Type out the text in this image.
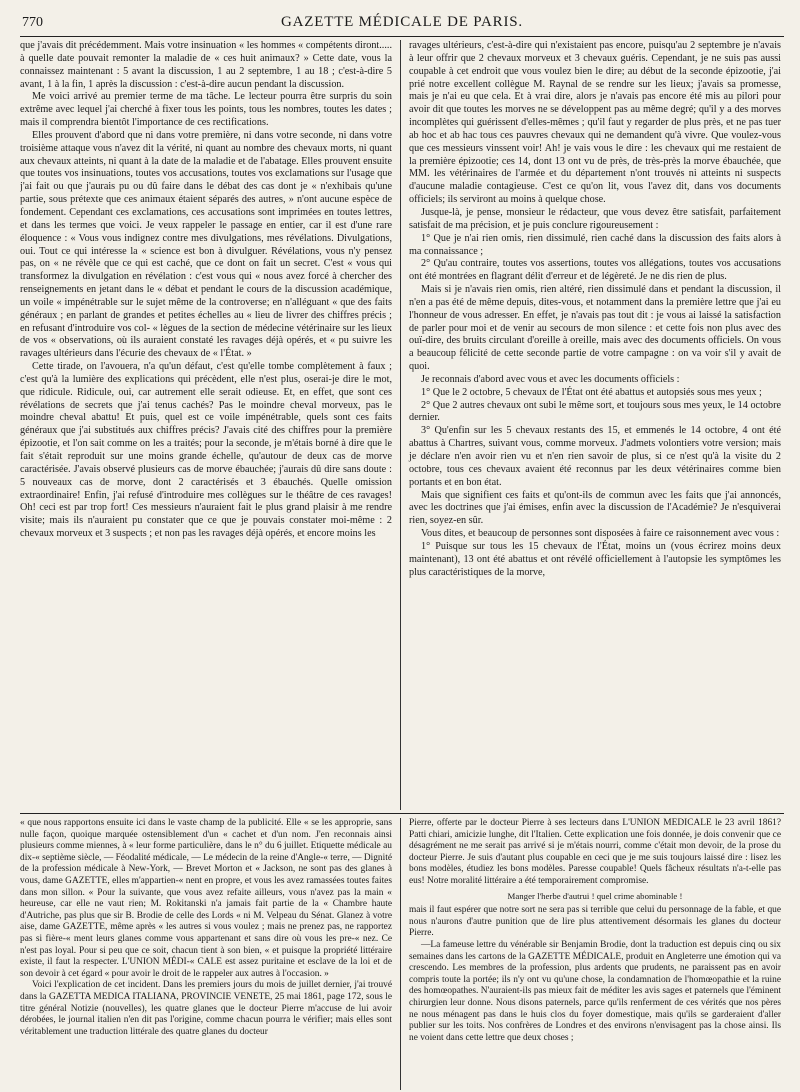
770	GAZETTE MÉDICALE DE PARIS.

que j'avais dit précédemment. Mais votre insinuation « les hommes « compétents diront..... à quelle date pouvait remonter la maladie de « ces huit animaux? » Cette date, vous la connaissez maintenant : 5 avant la discussion, 1 au 2 septembre, 1 au 18 ; c'est-à-dire 5 avant, 1 à la fin, 1 après la discussion : c'est-à-dire aucun pendant la discussion.

Me voici arrivé au premier terme de ma tâche. Le lecteur pourra être surpris du soin extrême avec lequel j'ai cherché à fixer tous les points, tous les nombres, toutes les dates ; mais il comprendra bientôt l'importance de ces rectifications.

Elles prouvent d'abord que ni dans votre première, ni dans votre seconde, ni dans votre troisième attaque vous n'avez dit la vérité, ni quant au nombre des chevaux morts, ni quant aux chevaux atteints, ni quant à la date de la maladie et de l'abatage. Elles prouvent ensuite que toutes vos insinuations, toutes vos accusations, toutes vos exclamations sur l'usage que j'ai fait ou que j'aurais pu ou dû faire dans le débat des cas dont je « n'exhibais qu'une partie, sous prétexte que ces animaux étaient séparés des autres, » n'ont aucune espèce de fondement. Cependant ces exclamations, ces accusations sont imprimées en toutes lettres, et dans les termes que voici. Je veux rappeler le passage en entier, car il est d'une rare éloquence : « Vous vous indignez contre mes divulgations, mes révélations. Divulgations, oui. Tout ce qui intéresse la « science est bon à divulguer. Révélations, vous n'y pensez pas, on « ne révèle que ce qui est caché, que ce dont on fait un secret. C'est « vous qui transformez la divulgation en révélation : c'est vous qui « nous avez forcé à chercher des renseignements en jetant dans le « débat et pendant le cours de la discussion académique, un voile « impénétrable sur le sujet même de la controverse; en n'alléguant « que des faits généraux ; en parlant de grandes et petites échelles au « lieu de livrer des chiffres précis ; en refusant d'introduire vos col- « lègues de la section de médecine vétérinaire sur les lieux de vos « observations, où ils auraient constaté les ravages déjà opérés, et « pu suivre les ravages ultérieurs dans l'écurie des chevaux de « l'État. »

Cette tirade, on l'avouera, n'a qu'un défaut, c'est qu'elle tombe complètement à faux ; c'est qu'à la lumière des explications qui précèdent, elle n'est plus, oserai-je dire le mot, que ridicule. Ridicule, oui, car autrement elle serait odieuse. Et, en effet, que sont ces révélations de secrets que j'ai tenus cachés? Pas le moindre cheval morveux, pas le moindre cheval abattu! Et puis, quel est ce voile impénétrable, quels sont ces faits généraux que j'ai substitués aux chiffres précis? J'avais cité des chiffres pour la première épizootie, et l'on sait comme on les a traités; pour la seconde, je m'étais borné à dire que le fait s'était reproduit sur une moins grande échelle, qu'autour de deux cas de morve caractérisée. J'avais observé plusieurs cas de morve ébauchée; j'aurais dû dire sans doute : 5 nouveaux cas de morve, dont 2 caractérisés et 3 ébauchés. Quelle omission extraordinaire! Enfin, j'ai refusé d'introduire mes collègues sur le théâtre de ces ravages! Oh! ceci est par trop fort! Ces messieurs n'auraient fait le plus grand plaisir à me rendre visite; mais ils n'auraient pu constater que ce que je pouvais constater moi-même : 2 chevaux morveux et 3 suspects ; et non pas les ravages déjà opérés, et encore moins les

ravages ultérieurs, c'est-à-dire qui n'existaient pas encore, puisqu'au 2 septembre je n'avais à leur offrir que 2 chevaux morveux et 3 chevaux guéris. Cependant, je ne suis pas aussi coupable à cet endroit que vous voulez bien le dire; au début de la seconde épizootie, j'ai prié notre excellent collègue M. Raynal de se rendre sur les lieux; j'avais sa promesse, mais je n'ai eu que cela. Et à vrai dire, alors je n'avais pas encore été mis au pilori pour avoir dit que toutes les morves ne se développent pas au même degré; qu'il y a des morves incomplètes qui guérissent d'elles-mêmes ; qu'il faut y regarder de plus près, et ne pas tuer ab hoc et ab hac tous ces pauvres chevaux qui ne demandent qu'à vivre. Que voulez-vous que ces messieurs vinssent voir! Ah! je vais vous le dire : les chevaux qui me restaient de la première épizootie; ces 14, dont 13 ont vu de près, de très-près la morve ébauchée, que MM. les vétérinaires de l'armée et du département n'ont trouvés ni atteints ni suspects d'aucune maladie contagieuse. C'est ce qu'on lit, vous l'avez dit, dans vos documents officiels; ils serviront au moins à quelque chose.

Jusque-là, je pense, monsieur le rédacteur, que vous devez être satisfait, parfaitement satisfait de ma précision, et je puis conclure rigoureusement :

1° Que je n'ai rien omis, rien dissimulé, rien caché dans la discussion des faits alors à ma connaissance ;

2° Qu'au contraire, toutes vos assertions, toutes vos allégations, toutes vos accusations ont été montrées en flagrant délit d'erreur et de légèreté. Je ne dis rien de plus.

Mais si je n'avais rien omis, rien altéré, rien dissimulé dans et pendant la discussion, il n'en a pas été de même depuis, dites-vous, et notamment dans la première lettre que j'ai eu l'honneur de vous adresser. En effet, je n'avais pas tout dit : je vous ai laissé la satisfaction de parler pour moi et de venir au secours de mon silence : et cette fois non plus avec des ouï-dire, des bruits circulant d'oreille à oreille, mais avec des documents officiels. On vous a beaucoup félicité de cette seconde partie de votre campagne : on va voir s'il y avait de quoi.

Je reconnais d'abord avec vous et avec les documents officiels :

1° Que le 2 octobre, 5 chevaux de l'État ont été abattus et autopsiés sous mes yeux ;

2° Que 2 autres chevaux ont subi le même sort, et toujours sous mes yeux, le 14 octobre dernier.

3° Qu'enfin sur les 5 chevaux restants des 15, et emmenés le 14 octobre, 4 ont été abattus à Chartres, suivant vous, comme morveux. J'admets volontiers votre version; mais je déclare n'en avoir rien vu et n'en rien savoir de plus, si ce n'est qu'à la visite du 2 octobre, tous ces chevaux avaient été reconnus par les deux vétérinaires comme bien portants et en bon état.

Mais que signifient ces faits et qu'ont-ils de commun avec les faits que j'ai annoncés, avec les doctrines que j'ai émises, enfin avec la discussion de l'Académie? Je n'esquiverai rien, soyez-en sûr.

Vous dites, et beaucoup de personnes sont disposées à faire ce raisonnement avec vous :

1° Puisque sur tous les 15 chevaux de l'État, moins un (vous écrirez moins deux maintenant), 13 ont été abattus et ont révélé officiellement à l'autopsie les symptômes les plus caractéristiques de la morve,

« que nous rapportons ensuite ici dans le vaste champ de la publicité. Elle « se les approprie, sans nulle façon, quoique marquée ostensiblement d'un « cachet et d'un nom. J'en reconnais ainsi plusieurs comme miennes, à « leur forme particulière, dans le n° du 6 juillet. Etiquette médicale au dix-« septième siècle, — Féodalité médicale, — Le médecin de la reine d'Angle-« terre, — Dignité de la profession médicale à New-York, — Brevet Morton et « Jackson, ne sont pas des glanes à vous, dame GAZETTE, elles m'appartien-« nent en propre, et vous les avez ramassées toutes faites dans mon sillon. « Pour la suivante, que vous avez refaite ailleurs, vous n'avez pas la main « heureuse, car elle ne vaut rien; M. Rokitanski n'a jamais fait partie de la « Chambre haute d'Autriche, pas plus que sir B. Brodie de celle des Lords « ni M. Velpeau du Sénat. Glanez à votre aise, dame GAZETTE, même après « les autres si vous voulez ; mais ne prenez pas, ne rapportez pas si fière-« ment leurs glanes comme vous appartenant et sans dire où vous les pre-« nez. Ce n'est pas loyal. Pour si peu que ce soit, chacun tient à son bien, « et puisque la propriété littéraire existe, il faut la respecter. L'UNION MÉDI-« CALE est assez puritaine et esclave de la loi et de son devoir à cet égard « pour avoir le droit de le rappeler aux autres à l'occasion. »

Voici l'explication de cet incident. Dans les premiers jours du mois de juillet dernier, j'ai trouvé dans la GAZETTA MEDICA ITALIANA, PROVINCIE VENETE, 25 mai 1861, page 172, sous le titre général Notizie (nouvelles), les quatre glanes que le docteur Pierre m'accuse de lui avoir dérobées, le journal italien n'en dit pas l'origine, comme chacun pourra le vérifier; mais elles sont véritablement une traduction littérale des quatre glanes du docteur

Pierre, offerte par le docteur Pierre à ses lecteurs dans L'UNION MÉDICALE le 23 avril 1861? Patti chiari, amicizie lunghe, dit l'Italien. Cette explication une fois donnée, je dois convenir que ce désagrément ne me serait pas arrivé si je m'étais nourri, comme c'était mon devoir, de la prose du docteur Pierre. Je suis d'autant plus coupable en ceci que je me suis toujours laissé dire : lisez les bons modèles, étudiez les bons modèles. Paresse coupable! Quels fâcheux résultats n'a-t-elle pas eus! Notre moralité littéraire a été temporairement compromise.

Manger l'herbe d'autrui ! quel crime abominable !

mais il faut espérer que notre sort ne sera pas si terrible que celui du personnage de la fable, et que nous n'aurons d'autre punition que de lire plus attentivement désormais les glanes du docteur Pierre.

—La fameuse lettre du vénérable sir Benjamin Brodie, dont la traduction est depuis cinq ou six semaines dans les cartons de la GAZETTE MÉDICALE, produit en Angleterre une émotion qui va crescendo. Les membres de la profession, plus ardents que prudents, ne paraissent pas en avoir compris toute la portée; ils n'y ont vu qu'une chose, la condamnation de l'homœopathie et la ruine des homœopathes. N'auraient-ils pas mieux fait de méditer les avis sages et paternels que l'éminent chirurgien leur donne. Nous disons paternels, parce qu'ils renferment de ces vérités que nos pères ne nous ménagent pas dans le huis clos du foyer domestique, mais qu'ils se garderaient d'aller publier sur les toits. Nos confrères de Londres et des environs n'envisagent pas la chose ainsi. Ils ne voient dans cette lettre que deux choses ;
